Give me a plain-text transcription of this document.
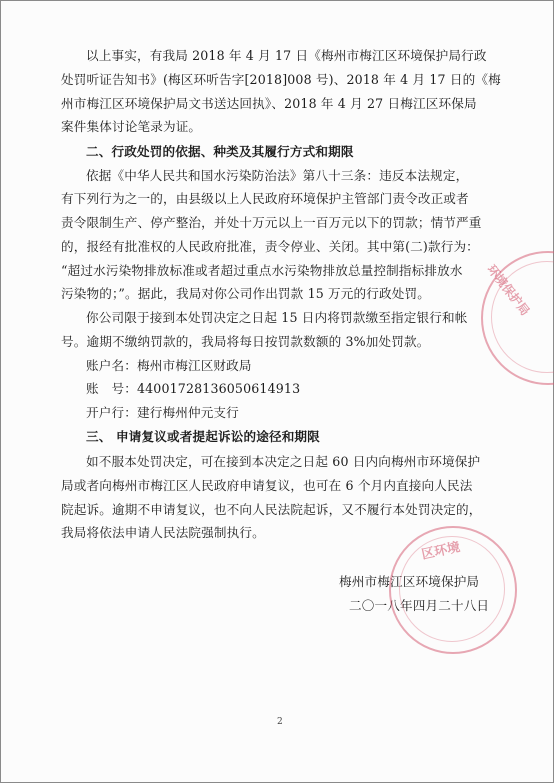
以上事实，有我局 2018 年 4 月 17 日《梅州市梅江区环境保护局行政
处罚听证告知书》(梅区环听告字[2018]008 号)、2018 年 4 月 17 日的《梅
州市梅江区环境保护局文书送达回执》、2018 年 4 月 27 日梅江区环保局
案件集体讨论笔录为证。
二、行政处罚的依据、种类及其履行方式和期限
依据《中华人民共和国水污染防治法》第八十三条：违反本法规定，
有下列行为之一的，由县级以上人民政府环境保护主管部门责令改正或者
责令限制生产、停产整治，并处十万元以上一百万元以下的罚款；情节严重
的，报经有批准权的人民政府批准，责令停业、关闭。其中第(二)款行为：
“超过水污染物排放标准或者超过重点水污染物排放总量控制指标排放水
污染物的；”。据此，我局对你公司作出罚款 15 万元的行政处罚。
你公司限于接到本处罚决定之日起 15 日内将罚款缴至指定银行和帐
号。逾期不缴纳罚款的，我局将每日按罚款数额的 3%加处罚款。
账户名：梅州市梅江区财政局
账　号：44001728136050614913
开户行：建行梅州仲元支行
三、 申请复议或者提起诉讼的途径和期限
如不服本处罚决定，可在接到本决定之日起 60 日内向梅州市环境保护
局或者向梅州市梅江区人民政府申请复议，也可在 6 个月内直接向人民法
院起诉。逾期不申请复议，也不向人民法院起诉，又不履行本处罚决定的，
我局将依法申请人民法院强制执行。
梅州市梅江区环境保护局
二〇一八年四月二十八日
2
环境保护局
区环境
